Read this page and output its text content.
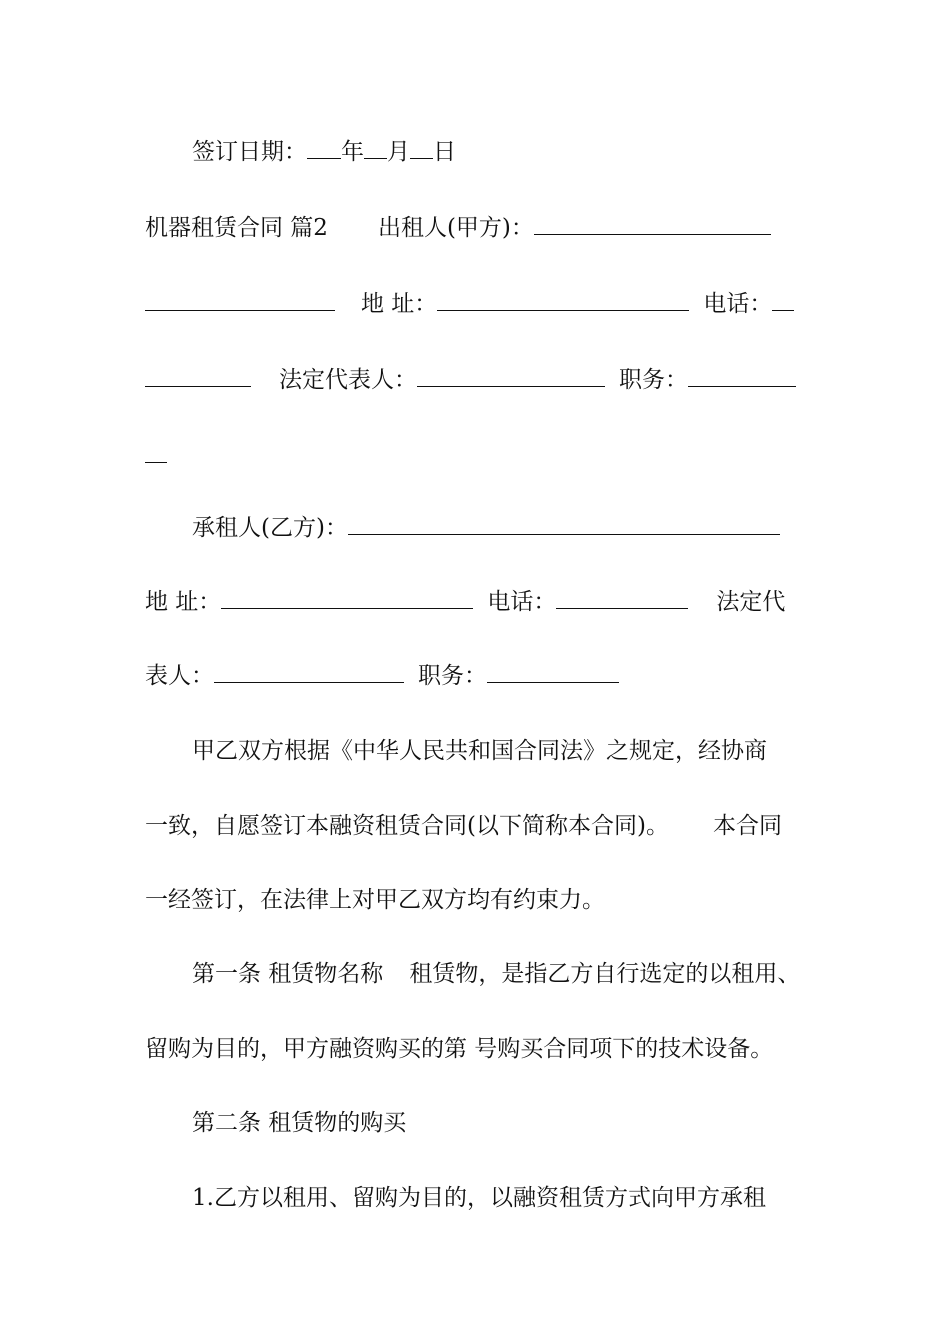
签订日期： 年 月 日
机器租赁合同 篇2 出租人(甲方)：
地 址：	电话：
法定代表人：	职务：
承租人(乙方)：
地 址：	电话：	法定代
表人：	职务：
甲乙双方根据《中华人民共和国合同法》之规定，经协商
一致，自愿签订本融资租赁合同(以下简称本合同)。 本合同
一经签订，在法律上对甲乙双方均有约束力。
第一条 租赁物名称 租赁物，是指乙方自行选定的以租用、
留购为目的，甲方融资购买的第 号购买合同项下的技术设备。
第二条 租赁物的购买
1.乙方以租用、留购为目的，以融资租赁方式向甲方承租
